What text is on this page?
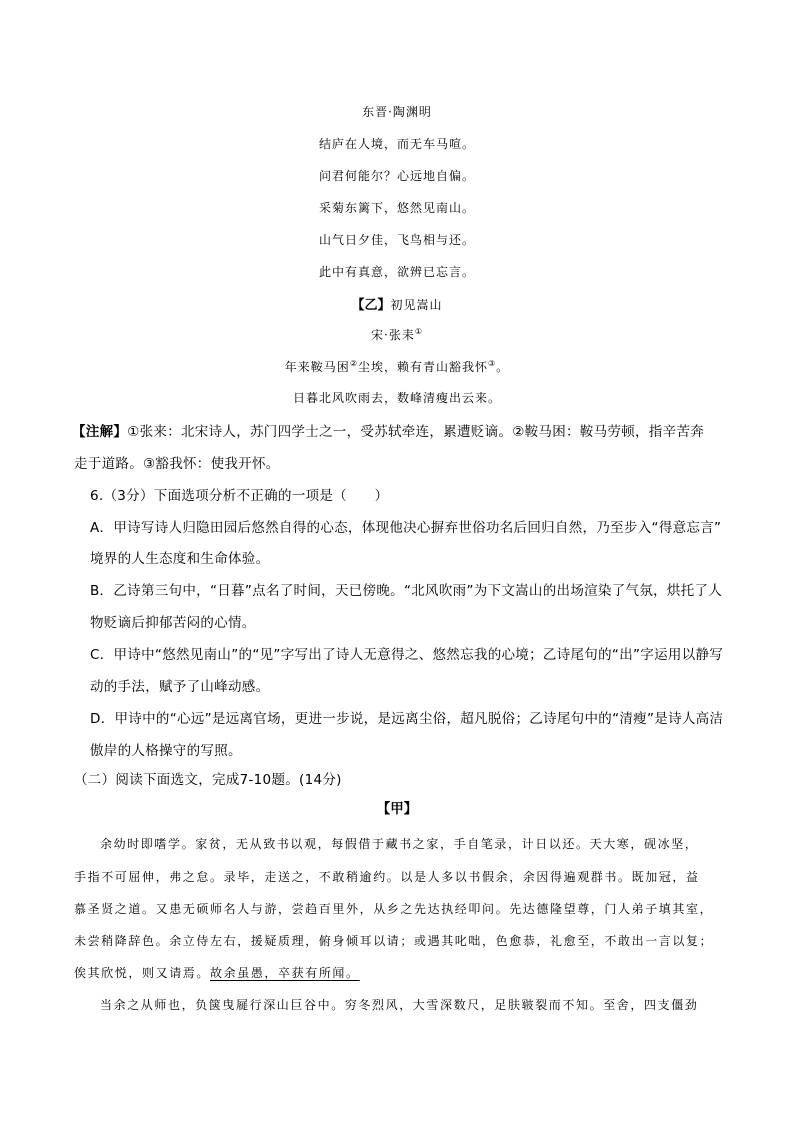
东晋·陶渊明
结庐在人境，而无车马喧。
问君何能尔？心远地自偏。
采菊东篱下，悠然见南山。
山气日夕佳，飞鸟相与还。
此中有真意，欲辨已忘言。
【乙】初见嵩山
宋·张耒①
年来鞍马困②尘埃，赖有青山豁我怀③。
日暮北风吹雨去，数峰清瘦出云来。
【注解】①张来：北宋诗人，苏门四学士之一，受苏轼牵连，累遭贬谪。②鞍马困：鞍马劳顿，指辛苦奔
走于道路。③豁我怀：使我开怀。
6.（3分）下面选项分析不正确的一项是（　　）
A．甲诗写诗人归隐田园后悠然自得的心态，体现他决心摒弃世俗功名后回归自然，乃至步入“得意忘言”
境界的人生态度和生命体验。
B．乙诗第三句中，“日暮”点名了时间，天已傍晚。“北风吹雨”为下文嵩山的出场渲染了气氛，烘托了人
物贬谪后抑郁苦闷的心情。
C．甲诗中“悠然见南山”的“见”字写出了诗人无意得之、悠然忘我的心境；乙诗尾句的“出”字运用以静写
动的手法，赋予了山峰动感。
D．甲诗中的“心远”是远离官场，更进一步说，是远离尘俗，超凡脱俗；乙诗尾句中的“清瘦”是诗人高洁
傲岸的人格操守的写照。
（二）阅读下面选文，完成7-10题。(14分)
【甲】
余幼时即嗜学。家贫，无从致书以观，每假借于藏书之家，手自笔录，计日以还。天大寒，砚冰坚，
手指不可屈伸，弗之怠。录毕，走送之，不敢稍逾约。以是人多以书假余，余因得遍观群书。既加冠，益
慕圣贤之道。又患无硕师名人与游，尝趋百里外，从乡之先达执经叩问。先达德隆望尊，门人弟子填其室，
未尝稍降辞色。余立侍左右，援疑质理，俯身倾耳以请；或遇其叱咄，色愈恭，礼愈至，不敢出一言以复；
俟其欣悦，则又请焉。故余虽愚，卒获有所闻。
当余之从师也，负箧曳屣行深山巨谷中。穷冬烈风，大雪深数尺，足肤皲裂而不知。至舍，四支僵劲
